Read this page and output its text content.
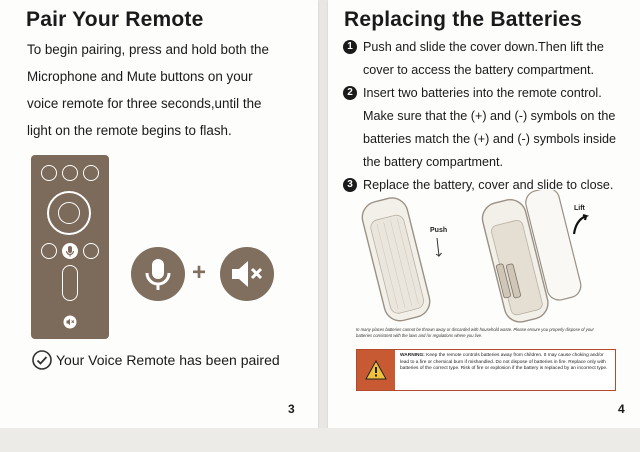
Pair Your Remote
To begin pairing, press and hold both the
Microphone and Mute buttons on your
voice remote for three seconds,until the
light on the remote begins to flash.
+
Your Voice Remote has been paired
3
Replacing the Batteries
1 Push and slide the cover down.Then lift the
cover to access the battery compartment.
2 Insert two batteries into the remote control.
Make sure that the (+) and (-) symbols on the
batteries match the (+) and (-) symbols inside
the battery compartment.
3 Replace the battery, cover and slide to close.
Push
Lift
In many places batteries cannot be thrown away or discarded with household waste. Please ensure you properly dispose of your batteries consistent with the laws and /or regulations where you live.
WARNING: Keep the remote controls batteries away from children. It may cause choking and/or lead to a fire or chemical burn if mishandled. Do not dispose of batteries in fire. Replace only with batteries of the correct type. Risk of fire or explosion if the battery is replaced by an incorrect type.
4
